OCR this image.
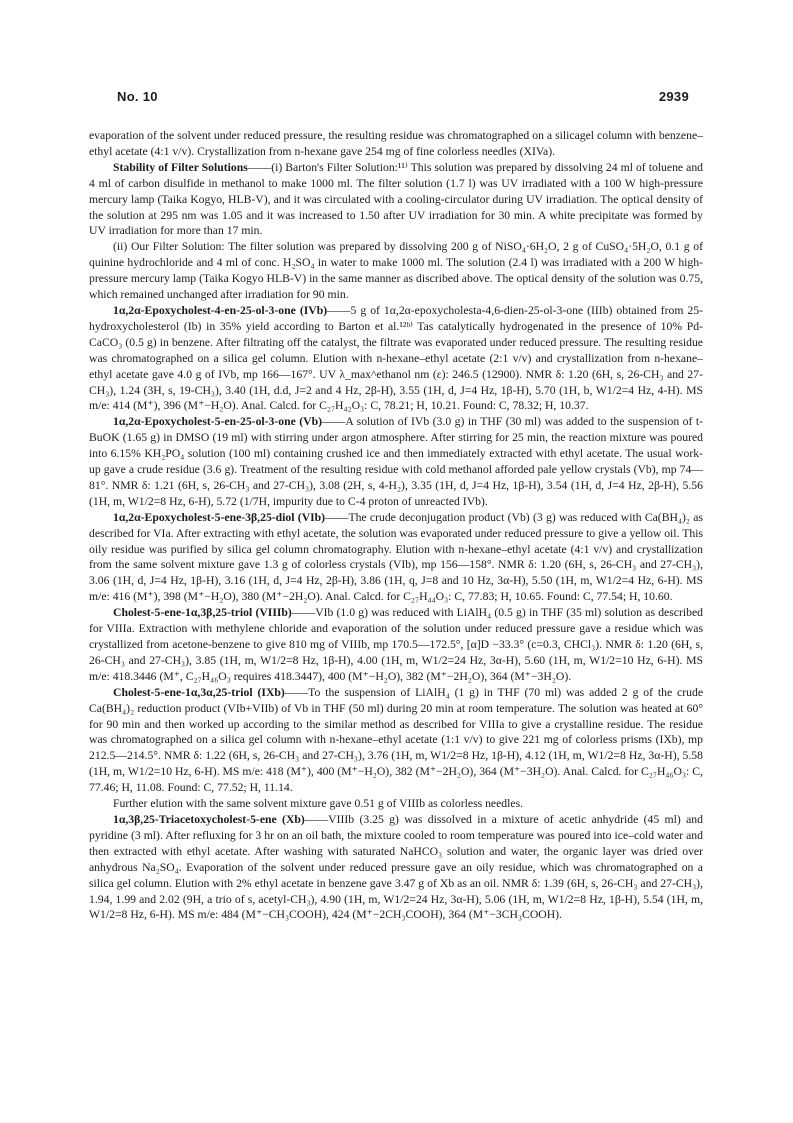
No. 10	2939

evaporation of the solvent under reduced pressure, the resulting residue was chromatographed on a silicagel column with benzene–ethyl acetate (4:1 v/v). Crystallization from n-hexane gave 254 mg of fine colorless needles (XIVa).

Stability of Filter Solutions——(i) Barton's Filter Solution:¹¹⁾ This solution was prepared by dissolving 24 ml of toluene and 4 ml of carbon disulfide in methanol to make 1000 ml. The filter solution (1.7 l) was UV irradiated with a 100 W high-pressure mercury lamp (Taika Kogyo, HLB-V), and it was circulated with a cooling-circulator during UV irradiation. The optical density of the solution at 295 nm was 1.05 and it was increased to 1.50 after UV irradiation for 30 min. A white precipitate was formed by UV irradiation for more than 17 min.

(ii) Our Filter Solution: The filter solution was prepared by dissolving 200 g of NiSO₄·6H₂O, 2 g of CuSO₄·5H₂O, 0.1 g of quinine hydrochloride and 4 ml of conc. H₂SO₄ in water to make 1000 ml. The solution (2.4 l) was irradiated with a 200 W high-pressure mercury lamp (Taika Kogyo HLB-V) in the same manner as discribed above. The optical density of the solution was 0.75, which remained unchanged after irradiation for 90 min.

1α,2α-Epoxycholest-4-en-25-ol-3-one (IVb)——5 g of 1α,2α-epoxycholesta-4,6-dien-25-ol-3-one (IIIb) obtained from 25-hydroxycholesterol (Ib) in 35% yield according to Barton et al.¹²ᵇ⁾ Tas catalytically hydrogenated in the presence of 10% Pd-CaCO₃ (0.5 g) in benzene. After filtrating off the catalyst, the filtrate was evaporated under reduced pressure. The resulting residue was chromatographed on a silica gel column. Elution with n-hexane–ethyl acetate (2:1 v/v) and crystallization from n-hexane–ethyl acetate gave 4.0 g of IVb, mp 166—167°. UV λ_max^ethanol nm (ε): 246.5 (12900). NMR δ: 1.20 (6H, s, 26-CH₃ and 27-CH₃), 1.24 (3H, s, 19-CH₃), 3.40 (1H, d.d, J=2 and 4 Hz, 2β-H), 3.55 (1H, d, J=4 Hz, 1β-H), 5.70 (1H, b, W1/2=4 Hz, 4-H). MS m/e: 414 (M⁺), 396 (M⁺−H₂O). Anal. Calcd. for C₂₇H₄₂O₃: C, 78.21; H, 10.21. Found: C, 78.32; H, 10.37.

1α,2α-Epoxycholest-5-en-25-ol-3-one (Vb)——A solution of IVb (3.0 g) in THF (30 ml) was added to the suspension of t-BuOK (1.65 g) in DMSO (19 ml) with stirring under argon atmosphere. After stirring for 25 min, the reaction mixture was poured into 6.15% KH₂PO₄ solution (100 ml) containing crushed ice and then immediately extracted with ethyl acetate. The usual work-up gave a crude residue (3.6 g). Treatment of the resulting residue with cold methanol afforded pale yellow crystals (Vb), mp 74—81°. NMR δ: 1.21 (6H, s, 26-CH₃ and 27-CH₃), 3.08 (2H, s, 4-H₂), 3.35 (1H, d, J=4 Hz, 1β-H), 3.54 (1H, d, J=4 Hz, 2β-H), 5.56 (1H, m, W1/2=8 Hz, 6-H), 5.72 (1/7H, impurity due to C-4 proton of unreacted IVb).

1α,2α-Epoxycholest-5-ene-3β,25-diol (VIb)——The crude deconjugation product (Vb) (3 g) was reduced with Ca(BH₄)₂ as described for VIa. After extracting with ethyl acetate, the solution was evaporated under reduced pressure to give a yellow oil. This oily residue was purified by silica gel column chromatography. Elution with n-hexane–ethyl acetate (4:1 v/v) and crystallization from the same solvent mixture gave 1.3 g of colorless crystals (VIb), mp 156—158°. NMR δ: 1.20 (6H, s, 26-CH₃ and 27-CH₃), 3.06 (1H, d, J=4 Hz, 1β-H), 3.16 (1H, d, J=4 Hz, 2β-H), 3.86 (1H, q, J=8 and 10 Hz, 3α-H), 5.50 (1H, m, W1/2=4 Hz, 6-H). MS m/e: 416 (M⁺), 398 (M⁺−H₂O), 380 (M⁺−2H₂O). Anal. Calcd. for C₂₇H₄₄O₃: C, 77.83; H, 10.65. Found: C, 77.54; H, 10.60.

Cholest-5-ene-1α,3β,25-triol (VIIIb)——VIb (1.0 g) was reduced with LiAlH₄ (0.5 g) in THF (35 ml) solution as described for VIIIa. Extraction with methylene chloride and evaporation of the solution under reduced pressure gave a residue which was crystallized from acetone-benzene to give 810 mg of VIIIb, mp 170.5—172.5°, [α]D −33.3° (c=0.3, CHCl₃). NMR δ: 1.20 (6H, s, 26-CH₃ and 27-CH₃), 3.85 (1H, m, W1/2=8 Hz, 1β-H), 4.00 (1H, m, W1/2=24 Hz, 3α-H), 5.60 (1H, m, W1/2=10 Hz, 6-H). MS m/e: 418.3446 (M⁺, C₂₇H₄₆O₃ requires 418.3447), 400 (M⁺−H₂O), 382 (M⁺−2H₂O), 364 (M⁺−3H₂O).

Cholest-5-ene-1α,3α,25-triol (IXb)——To the suspension of LiAlH₄ (1 g) in THF (70 ml) was added 2 g of the crude Ca(BH₄)₂ reduction product (VIb+VIIb) of Vb in THF (50 ml) during 20 min at room temperature. The solution was heated at 60° for 90 min and then worked up according to the similar method as described for VIIIa to give a crystalline residue. The residue was chromatographed on a silica gel column with n-hexane–ethyl acetate (1:1 v/v) to give 221 mg of colorless prisms (IXb), mp 212.5—214.5°. NMR δ: 1.22 (6H, s, 26-CH₃ and 27-CH₃), 3.76 (1H, m, W1/2=8 Hz, 1β-H), 4.12 (1H, m, W1/2=8 Hz, 3α-H), 5.58 (1H, m, W1/2=10 Hz, 6-H). MS m/e: 418 (M⁺), 400 (M⁺−H₂O), 382 (M⁺−2H₂O), 364 (M⁺−3H₂O). Anal. Calcd. for C₂₇H₄₆O₃: C, 77.46; H, 11.08. Found: C, 77.52; H, 11.14.

Further elution with the same solvent mixture gave 0.51 g of VIIIb as colorless needles.

1α,3β,25-Triacetoxycholest-5-ene (Xb)——VIIIb (3.25 g) was dissolved in a mixture of acetic anhydride (45 ml) and pyridine (3 ml). After refluxing for 3 hr on an oil bath, the mixture cooled to room temperature was poured into ice–cold water and then extracted with ethyl acetate. After washing with saturated NaHCO₃ solution and water, the organic layer was dried over anhydrous Na₂SO₄. Evaporation of the solvent under reduced pressure gave an oily residue, which was chromatographed on a silica gel column. Elution with 2% ethyl acetate in benzene gave 3.47 g of Xb as an oil. NMR δ: 1.39 (6H, s, 26-CH₃ and 27-CH₃), 1.94, 1.99 and 2.02 (9H, a trio of s, acetyl-CH₃), 4.90 (1H, m, W1/2=24 Hz, 3α-H), 5.06 (1H, m, W1/2=8 Hz, 1β-H), 5.54 (1H, m, W1/2=8 Hz, 6-H). MS m/e: 484 (M⁺−CH₃COOH), 424 (M⁺−2CH₃COOH), 364 (M⁺−3CH₃COOH).
